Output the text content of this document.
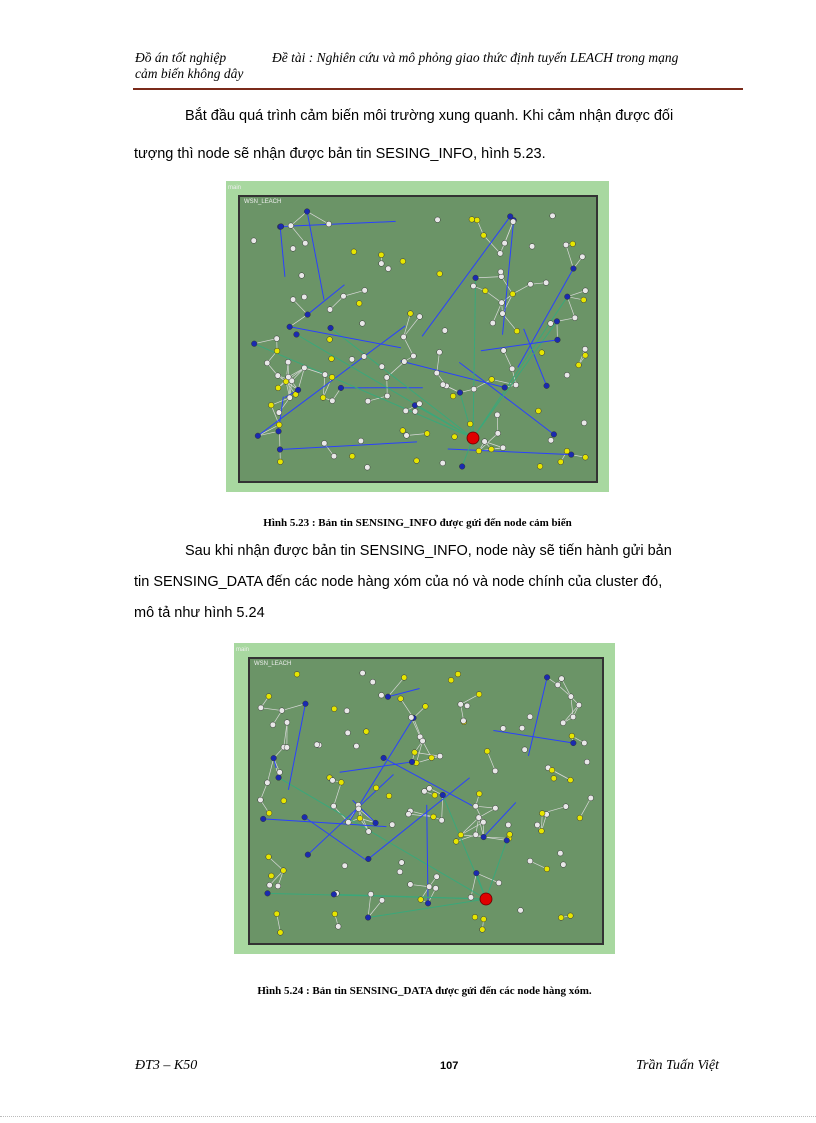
Đồ án tốt nghiệp	Đề tài : Nghiên cứu và mô phỏng giao thức định tuyến LEACH trong mạng
cảm biến không dây
Bắt đầu quá trình cảm biến môi trường xung quanh. Khi cảm nhận được đối
tượng thì node sẽ nhận được bản tin SESING_INFO, hình 5.23.
main
WSN_LEACH
Hình 5.23 : Bản tin SENSING_INFO được gửi đến node cảm biến
Sau khi nhận được bản tin SENSING_INFO, node này sẽ tiến hành gửi bản
tin SENSING_DATA đến các node hàng xóm của nó và node chính của cluster đó,
mô tả như hình 5.24
main
WSN_LEACH
Hình 5.24 : Bản tin SENSING_DATA được gửi đến các node hàng xóm.
ĐT3 – K50	107	Trần Tuấn Việt
